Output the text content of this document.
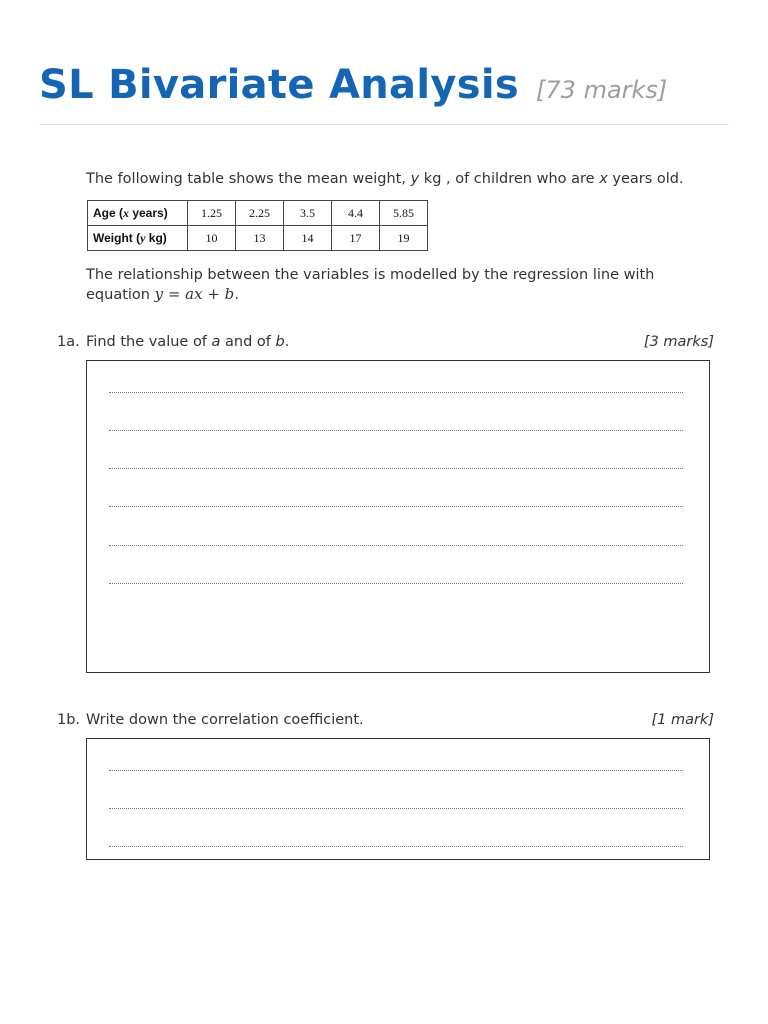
SL Bivariate Analysis [73 marks]
The following table shows the mean weight, y kg , of children who are x years old.
Age (x years)	1.25	2.25	3.5	4.4	5.85
Weight (y kg)	10	13	14	17	19
The relationship between the variables is modelled by the regression line with equation y = ax + b.
1a. Find the value of a and of b.	[3 marks]
1b. Write down the correlation coefficient.	[1 mark]
